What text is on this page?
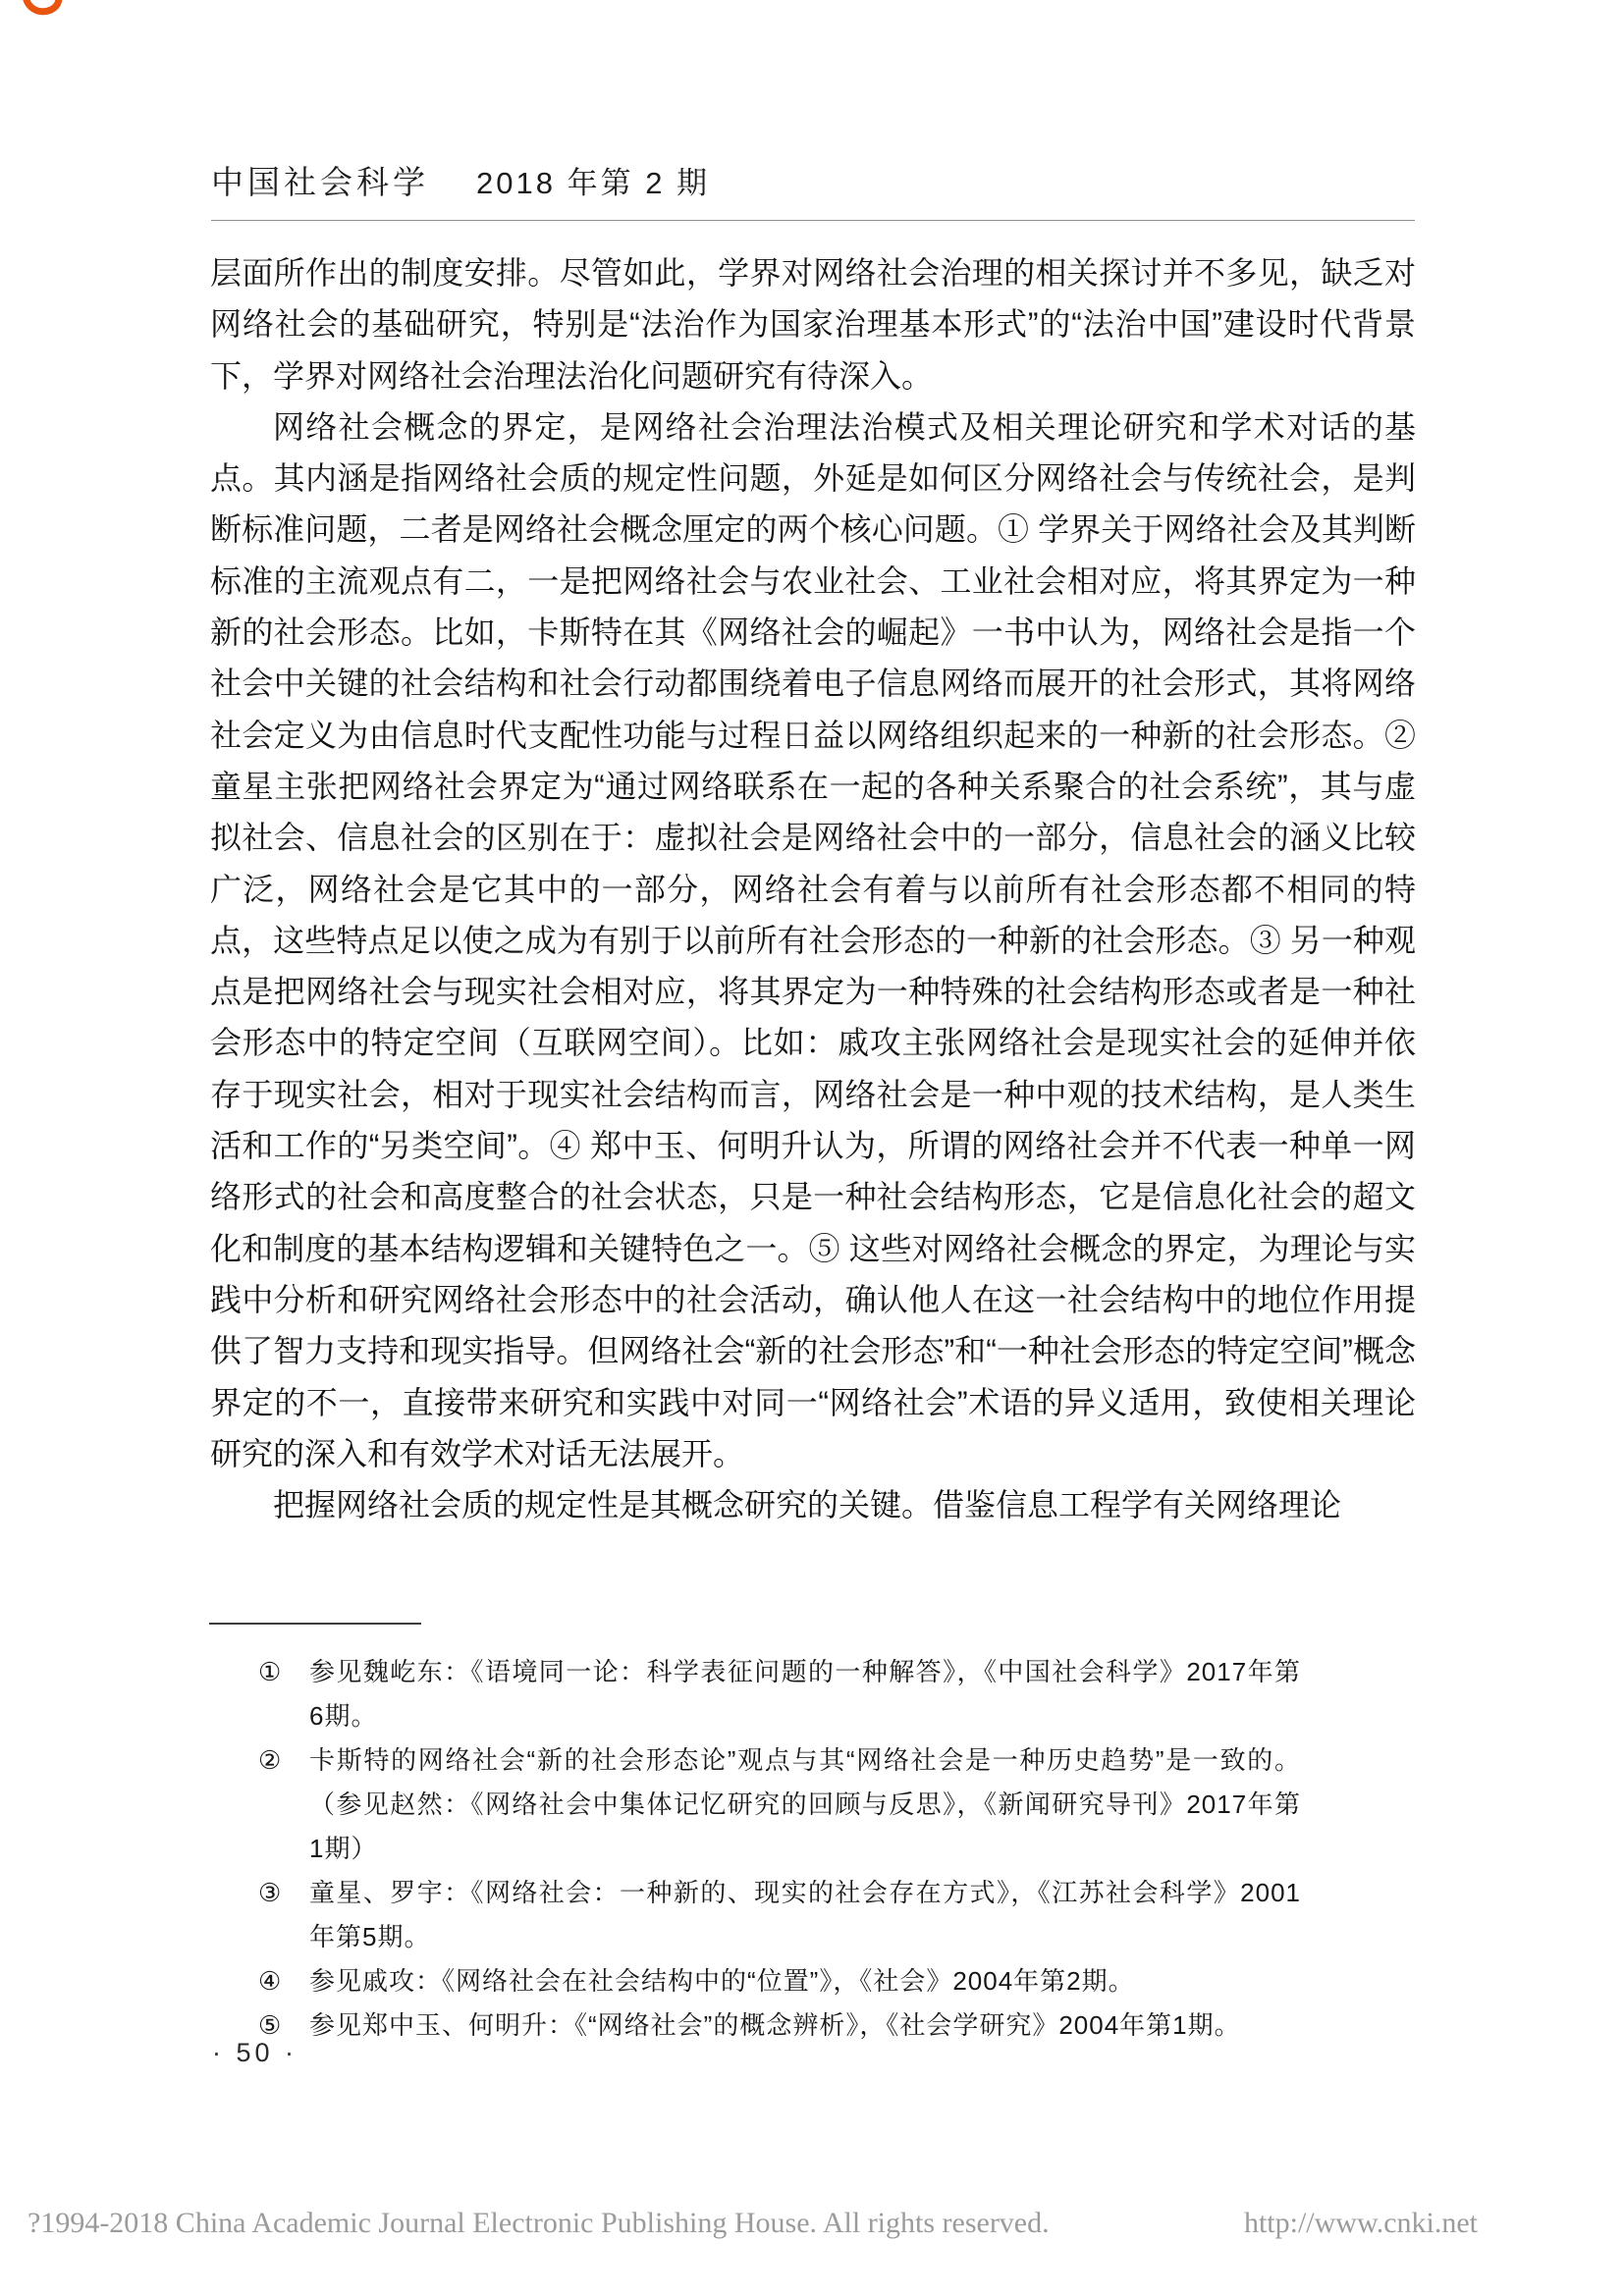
中国社会科学 2018 年第 2 期

层面所作出的制度安排。尽管如此，学界对网络社会治理的相关探讨并不多见，缺乏对网络社会的基础研究，特别是“法治作为国家治理基本形式”的“法治中国”建设时代背景下，学界对网络社会治理法治化问题研究有待深入。

网络社会概念的界定，是网络社会治理法治模式及相关理论研究和学术对话的基点。其内涵是指网络社会质的规定性问题，外延是如何区分网络社会与传统社会，是判断标准问题，二者是网络社会概念厘定的两个核心问题。① 学界关于网络社会及其判断标准的主流观点有二，一是把网络社会与农业社会、工业社会相对应，将其界定为一种新的社会形态。比如，卡斯特在其《网络社会的崛起》一书中认为，网络社会是指一个社会中关键的社会结构和社会行动都围绕着电子信息网络而展开的社会形式，其将网络社会定义为由信息时代支配性功能与过程日益以网络组织起来的一种新的社会形态。② 童星主张把网络社会界定为“通过网络联系在一起的各种关系聚合的社会系统”，其与虚拟社会、信息社会的区别在于：虚拟社会是网络社会中的一部分，信息社会的涵义比较广泛，网络社会是它其中的一部分，网络社会有着与以前所有社会形态都不相同的特点，这些特点足以使之成为有别于以前所有社会形态的一种新的社会形态。③ 另一种观点是把网络社会与现实社会相对应，将其界定为一种特殊的社会结构形态或者是一种社会形态中的特定空间（互联网空间）。比如：戚攻主张网络社会是现实社会的延伸并依存于现实社会，相对于现实社会结构而言，网络社会是一种中观的技术结构，是人类生活和工作的“另类空间”。④ 郑中玉、何明升认为，所谓的网络社会并不代表一种单一网络形式的社会和高度整合的社会状态，只是一种社会结构形态，它是信息化社会的超文化和制度的基本结构逻辑和关键特色之一。⑤ 这些对网络社会概念的界定，为理论与实践中分析和研究网络社会形态中的社会活动，确认他人在这一社会结构中的地位作用提供了智力支持和现实指导。但网络社会“新的社会形态”和“一种社会形态的特定空间”概念界定的不一，直接带来研究和实践中对同一“网络社会”术语的异义适用，致使相关理论研究的深入和有效学术对话无法展开。

把握网络社会质的规定性是其概念研究的关键。借鉴信息工程学有关网络理论

① 参见魏屹东：《语境同一论：科学表征问题的一种解答》，《中国社会科学》2017年第6期。
② 卡斯特的网络社会“新的社会形态论”观点与其“网络社会是一种历史趋势”是一致的。（参见赵然：《网络社会中集体记忆研究的回顾与反思》，《新闻研究导刊》2017年第1期）
③ 童星、罗宇：《网络社会：一种新的、现实的社会存在方式》，《江苏社会科学》2001年第5期。
④ 参见戚攻：《网络社会在社会结构中的“位置”》，《社会》2004年第2期。
⑤ 参见郑中玉、何明升：《“网络社会”的概念辨析》，《社会学研究》2004年第1期。
· 50 ·
?1994-2018 China Academic Journal Electronic Publishing House. All rights reserved.	http://www.cnki.net
